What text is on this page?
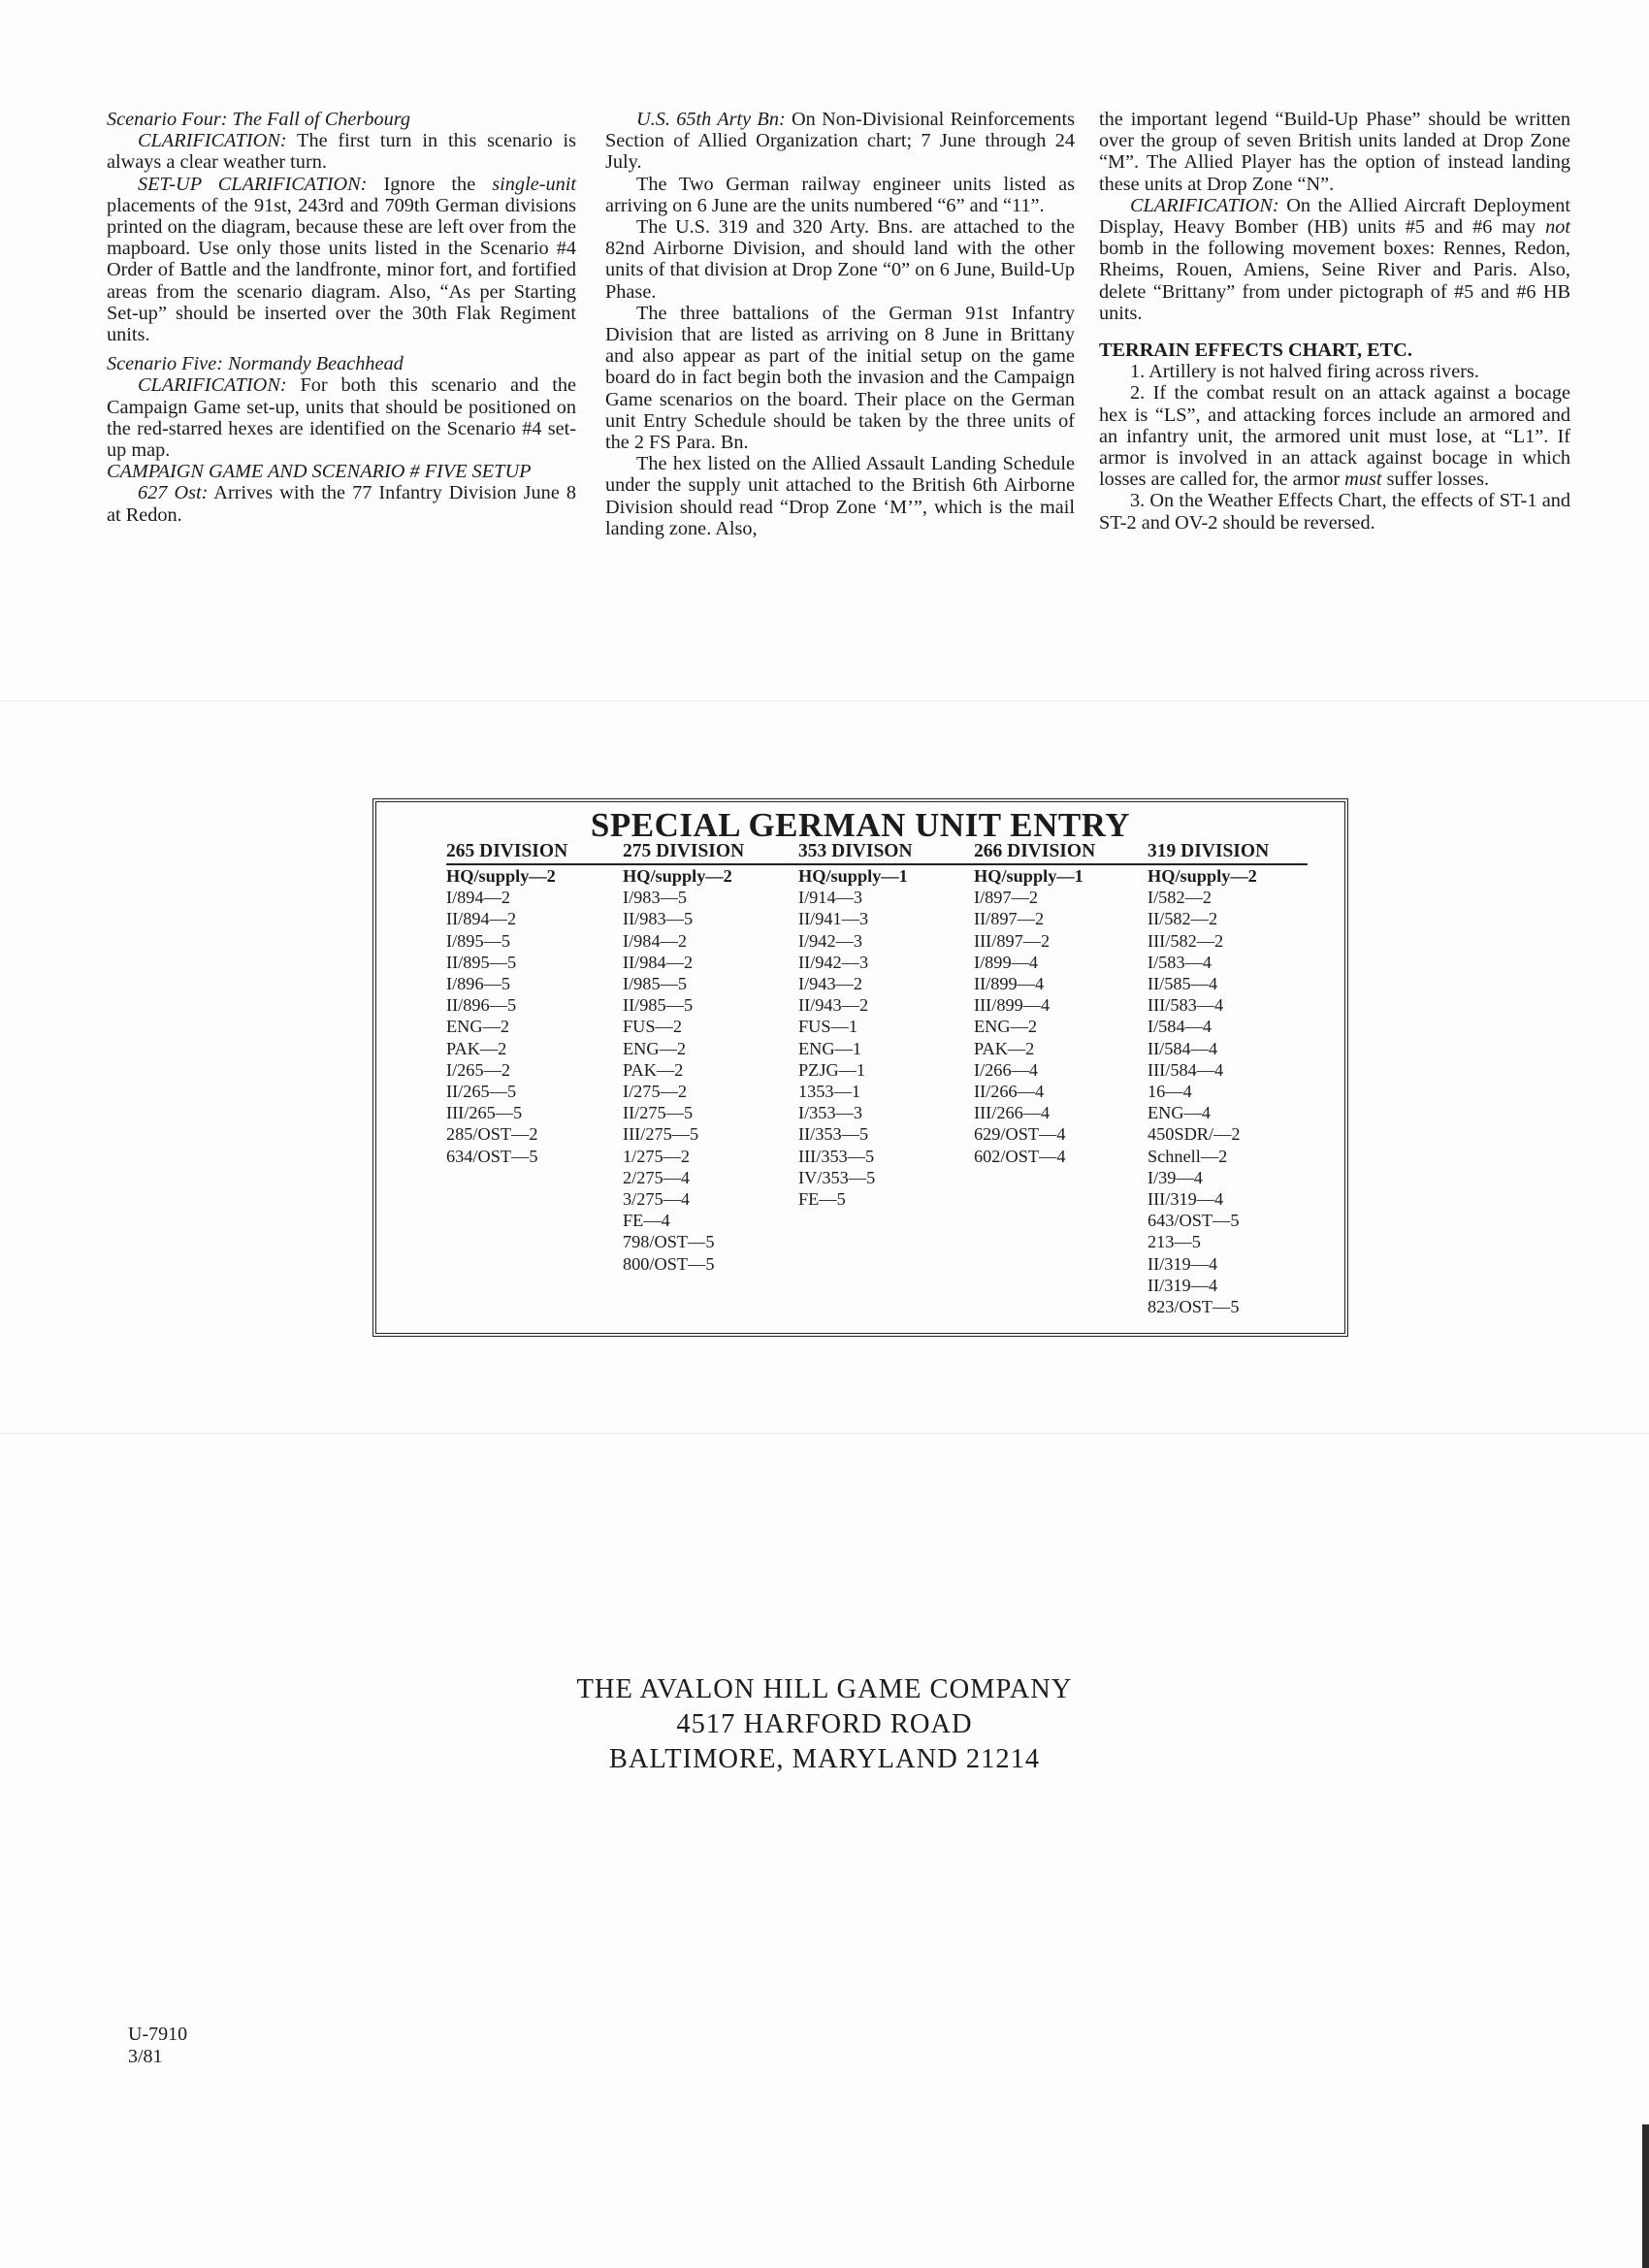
Scenario Four: The Fall of Cherbourg

CLARIFICATION: The first turn in this scenario is always a clear weather turn.

SET-UP CLARIFICATION: Ignore the single-unit placements of the 91st, 243rd and 709th German divisions printed on the diagram, because these are left over from the mapboard. Use only those units listed in the Scenario #4 Order of Battle and the landfronte, minor fort, and fortified areas from the scenario diagram. Also, “As per Starting Set-up” should be inserted over the 30th Flak Regiment units.

Scenario Five: Normandy Beachhead

CLARIFICATION: For both this scenario and the Campaign Game set-up, units that should be positioned on the red-starred hexes are identified on the Scenario #4 set-up map.

CAMPAIGN GAME AND SCENARIO # FIVE SETUP

627 Ost: Arrives with the 77 Infantry Division June 8 at Redon.

U.S. 65th Arty Bn: On Non-Divisional Reinforcements Section of Allied Organization chart; 7 June through 24 July.

The Two German railway engineer units listed as arriving on 6 June are the units numbered “6” and “11”.

The U.S. 319 and 320 Arty. Bns. are attached to the 82nd Airborne Division, and should land with the other units of that division at Drop Zone “0” on 6 June, Build-Up Phase.

The three battalions of the German 91st Infantry Division that are listed as arriving on 8 June in Brittany and also appear as part of the initial setup on the game board do in fact begin both the invasion and the Campaign Game scenarios on the board. Their place on the German unit Entry Schedule should be taken by the three units of the 2 FS Para. Bn.

The hex listed on the Allied Assault Landing Schedule under the supply unit attached to the British 6th Airborne Division should read “Drop Zone ‘M’”, which is the mail landing zone. Also,

the important legend “Build-Up Phase” should be written over the group of seven British units landed at Drop Zone “M”. The Allied Player has the option of instead landing these units at Drop Zone “N”.

CLARIFICATION: On the Allied Aircraft Deployment Display, Heavy Bomber (HB) units #5 and #6 may not bomb in the following movement boxes: Rennes, Redon, Rheims, Rouen, Amiens, Seine River and Paris. Also, delete “Brittany” from under pictograph of #5 and #6 HB units.

TERRAIN EFFECTS CHART, ETC.

1. Artillery is not halved firing across rivers.

2. If the combat result on an attack against a bocage hex is “LS”, and attacking forces include an armored and an infantry unit, the armored unit must lose, at “L1”. If armor is involved in an attack against bocage in which losses are called for, the armor must suffer losses.

3. On the Weather Effects Chart, the effects of ST-1 and ST-2 and OV-2 should be reversed.

SPECIAL GERMAN UNIT ENTRY
265 DIVISION
HQ/supply—2
I/894—2
II/894—2
I/895—5
II/895—5
I/896—5
II/896—5
ENG—2
PAK—2
I/265—2
II/265—5
III/265—5
285/OST—2
634/OST—5
275 DIVISION
HQ/supply—2
I/983—5
II/983—5
I/984—2
II/984—2
I/985—5
II/985—5
FUS—2
ENG—2
PAK—2
I/275—2
II/275—5
III/275—5
1/275—2
2/275—4
3/275—4
FE—4
798/OST—5
800/OST—5
353 DIVISON
HQ/supply—1
I/914—3
II/941—3
I/942—3
II/942—3
I/943—2
II/943—2
FUS—1
ENG—1
PZJG—1
1353—1
I/353—3
II/353—5
III/353—5
IV/353—5
FE—5
266 DIVISION
HQ/supply—1
I/897—2
II/897—2
III/897—2
I/899—4
II/899—4
III/899—4
ENG—2
PAK—2
I/266—4
II/266—4
III/266—4
629/OST—4
602/OST—4
319 DIVISION
HQ/supply—2
I/582—2
II/582—2
III/582—2
I/583—4
II/585—4
III/583—4
I/584—4
II/584—4
III/584—4
16—4
ENG—4
450SDR/—2
Schnell—2
I/39—4
III/319—4
643/OST—5
213—5
II/319—4
II/319—4
823/OST—5
THE AVALON HILL GAME COMPANY
4517 HARFORD ROAD
BALTIMORE, MARYLAND 21214
U-7910
3/81
